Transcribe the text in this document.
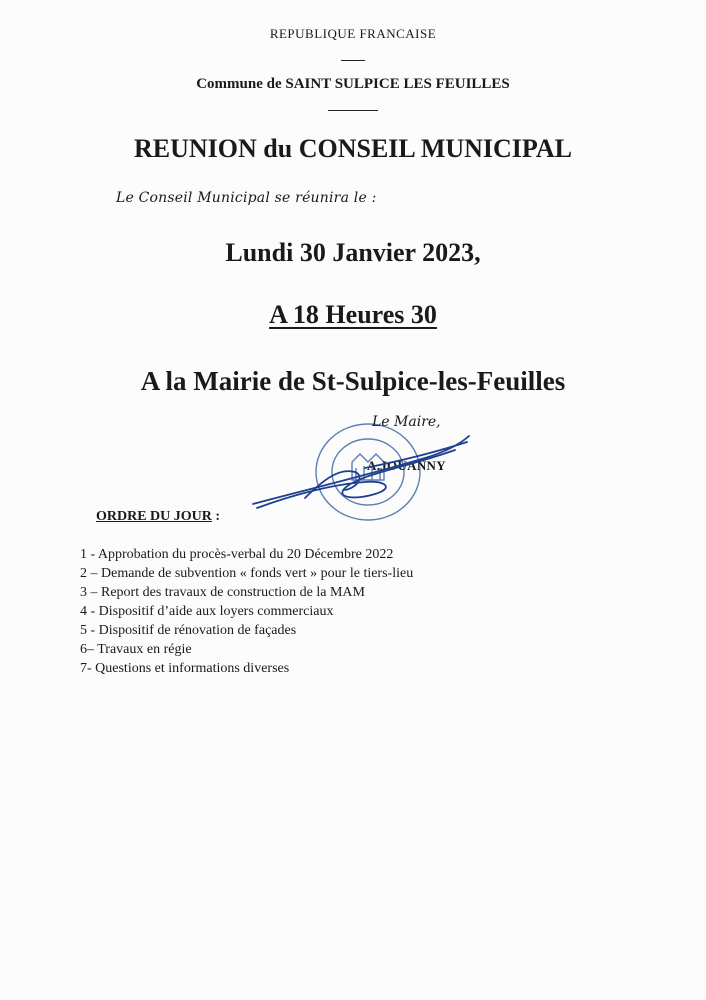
REPUBLIQUE FRANCAISE
Commune de SAINT SULPICE LES FEUILLES
REUNION du CONSEIL MUNICIPAL
Le Conseil Municipal se réunira le :
Lundi 30 Janvier 2023,
A 18 Heures 30
A la Mairie de St-Sulpice-les-Feuilles
Le Maire,
A.JOUANNY
ORDRE DU JOUR :
1 - Approbation du procès-verbal du 20 Décembre 2022
2 – Demande de subvention « fonds vert » pour le tiers-lieu
3 – Report des travaux de construction de la MAM
4 - Dispositif d’aide aux loyers commerciaux
5 - Dispositif de rénovation de façades
6– Travaux en régie
7- Questions et informations diverses
